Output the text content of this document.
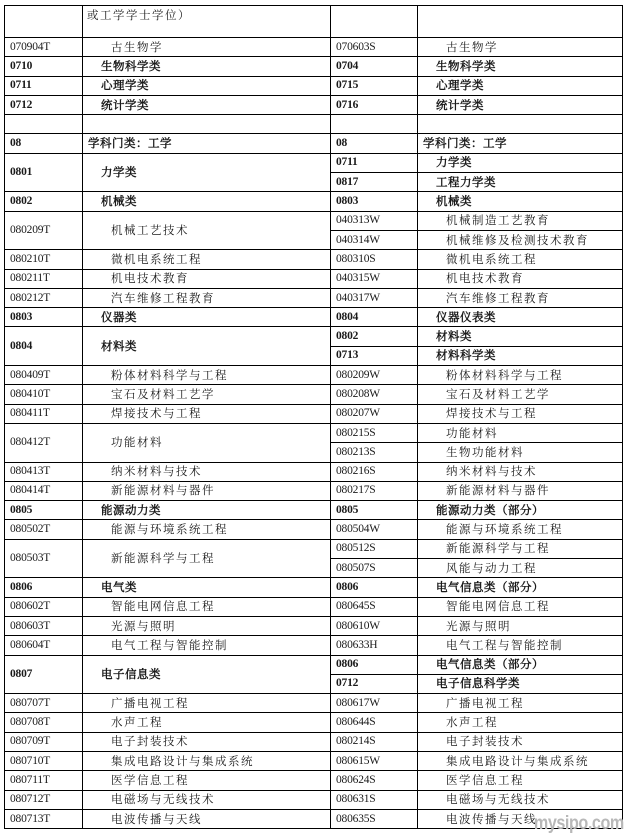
	或工学学士学位）		
070904T	古生物学	070603S	古生物学
0710	生物科学类	0704	生物科学类
0711	心理学类	0715	心理学类
0712	统计学类	0716	统计学类

08	学科门类：工学	08	学科门类：工学
0801	力学类	0711	力学类
		0817	工程力学类
0802	机械类	0803	机械类
080209T	机械工艺技术	040313W	机械制造工艺教育
		040314W	机械维修及检测技术教育
080210T	微机电系统工程	080310S	微机电系统工程
080211T	机电技术教育	040315W	机电技术教育
080212T	汽车维修工程教育	040317W	汽车维修工程教育
0803	仪器类	0804	仪器仪表类
0804	材料类	0802	材料类
		0713	材料科学类
080409T	粉体材料科学与工程	080209W	粉体材料科学与工程
080410T	宝石及材料工艺学	080208W	宝石及材料工艺学
080411T	焊接技术与工程	080207W	焊接技术与工程
080412T	功能材料	080215S	功能材料
		080213S	生物功能材料
080413T	纳米材料与技术	080216S	纳米材料与技术
080414T	新能源材料与器件	080217S	新能源材料与器件
0805	能源动力类	0805	能源动力类（部分）
080502T	能源与环境系统工程	080504W	能源与环境系统工程
080503T	新能源科学与工程	080512S	新能源科学与工程
		080507S	风能与动力工程
0806	电气类	0806	电气信息类（部分）
080602T	智能电网信息工程	080645S	智能电网信息工程
080603T	光源与照明	080610W	光源与照明
080604T	电气工程与智能控制	080633H	电气工程与智能控制
0807	电子信息类	0806	电气信息类（部分）
		0712	电子信息科学类
080707T	广播电视工程	080617W	广播电视工程
080708T	水声工程	080644S	水声工程
080709T	电子封装技术	080214S	电子封装技术
080710T	集成电路设计与集成系统	080615W	集成电路设计与集成系统
080711T	医学信息工程	080624S	医学信息工程
080712T	电磁场与无线技术	080631S	电磁场与无线技术
080713T	电波传播与天线	080635S	电波传播与天线
mysipo.com
